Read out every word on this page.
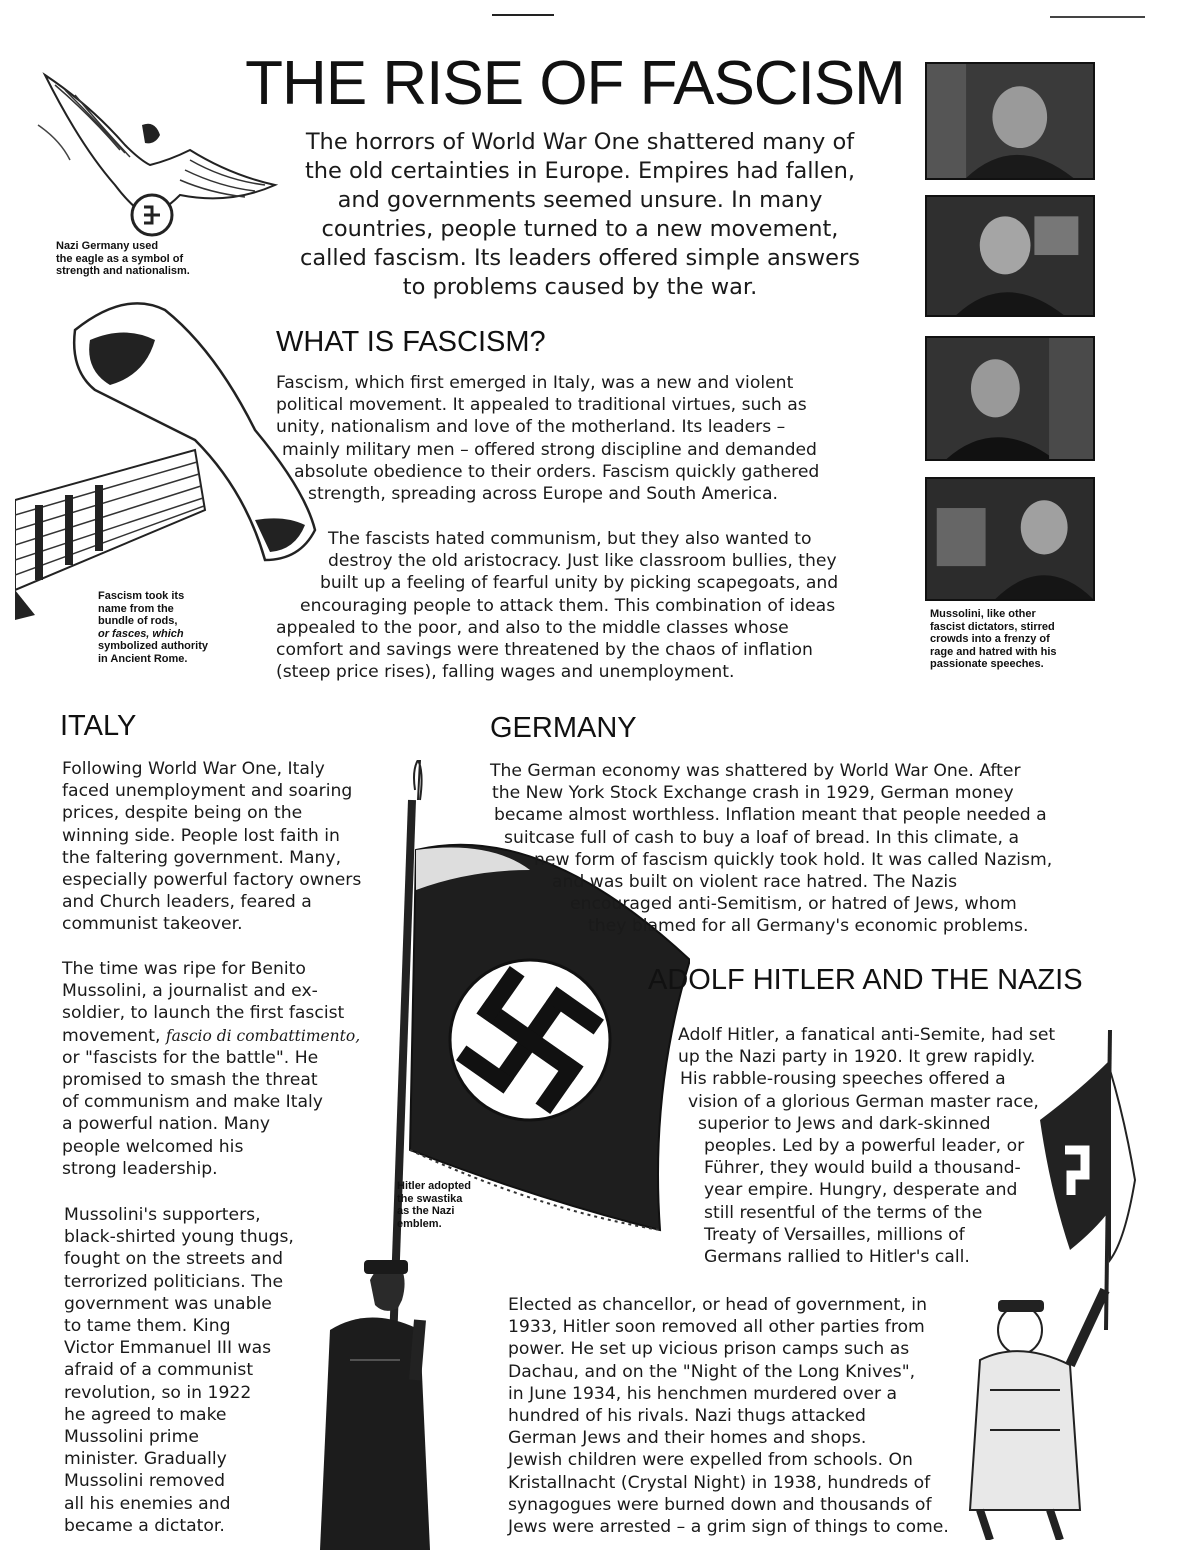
THE RISE OF FASCISM
The horrors of World War One shattered many of
the old certainties in Europe. Empires had fallen,
and governments seemed unsure. In many
countries, people turned to a new movement,
called fascism. Its leaders offered simple answers
to problems caused by the war.
Nazi Germany used
the eagle as a symbol of
strength and nationalism.
Fascism took its
name from the
bundle of rods,
or fasces, which
symbolized authority
in Ancient Rome.
Mussolini, like other
fascist dictators, stirred
crowds into a frenzy of
rage and hatred with his
passionate speeches.
WHAT IS FASCISM?
Fascism, which first emerged in Italy, was a new and violent
political movement. It appealed to traditional virtues, such as
unity, nationalism and love of the motherland. Its leaders –
mainly military men – offered strong discipline and demanded
absolute obedience to their orders. Fascism quickly gathered
strength, spreading across Europe and South America.
The fascists hated communism, but they also wanted to
destroy the old aristocracy. Just like classroom bullies, they
built up a feeling of fearful unity by picking scapegoats, and
encouraging people to attack them. This combination of ideas
appealed to the poor, and also to the middle classes whose
comfort and savings were threatened by the chaos of inflation
(steep price rises), falling wages and unemployment.
ITALY
Following World War One, Italy
faced unemployment and soaring
prices, despite being on the
winning side. People lost faith in
the faltering government. Many,
especially powerful factory owners
and Church leaders, feared a
communist takeover.
The time was ripe for Benito
Mussolini, a journalist and ex-
soldier, to launch the first fascist
movement, fascio di combattimento,
or "fascists for the battle". He
promised to smash the threat
of communism and make Italy
a powerful nation. Many
people welcomed his
strong leadership.
Mussolini's supporters,
black-shirted young thugs,
fought on the streets and
terrorized politicians. The
government was unable
to tame them. King
Victor Emmanuel III was
afraid of a communist
revolution, so in 1922
he agreed to make
Mussolini prime
minister. Gradually
Mussolini removed
all his enemies and
became a dictator.
Hitler adopted
the swastika
as the Nazi
emblem.
GERMANY
The German economy was shattered by World War One. After
the New York Stock Exchange crash in 1929, German money
became almost worthless. Inflation meant that people needed a
suitcase full of cash to buy a loaf of bread. In this climate, a
new form of fascism quickly took hold. It was called Nazism,
and was built on violent race hatred. The Nazis
encouraged anti-Semitism, or hatred of Jews, whom
they blamed for all Germany's economic problems.
ADOLF HITLER AND THE NAZIS
Adolf Hitler, a fanatical anti-Semite, had set
up the Nazi party in 1920. It grew rapidly.
His rabble-rousing speeches offered a
vision of a glorious German master race,
superior to Jews and dark-skinned
peoples. Led by a powerful leader, or
Führer, they would build a thousand-
year empire. Hungry, desperate and
still resentful of the terms of the
Treaty of Versailles, millions of
Germans rallied to Hitler's call.
Elected as chancellor, or head of government, in
1933, Hitler soon removed all other parties from
power. He set up vicious prison camps such as
Dachau, and on the "Night of the Long Knives",
in June 1934, his henchmen murdered over a
hundred of his rivals. Nazi thugs attacked
German Jews and their homes and shops.
Jewish children were expelled from schools. On
Kristallnacht (Crystal Night) in 1938, hundreds of
synagogues were burned down and thousands of
Jews were arrested – a grim sign of things to come.
